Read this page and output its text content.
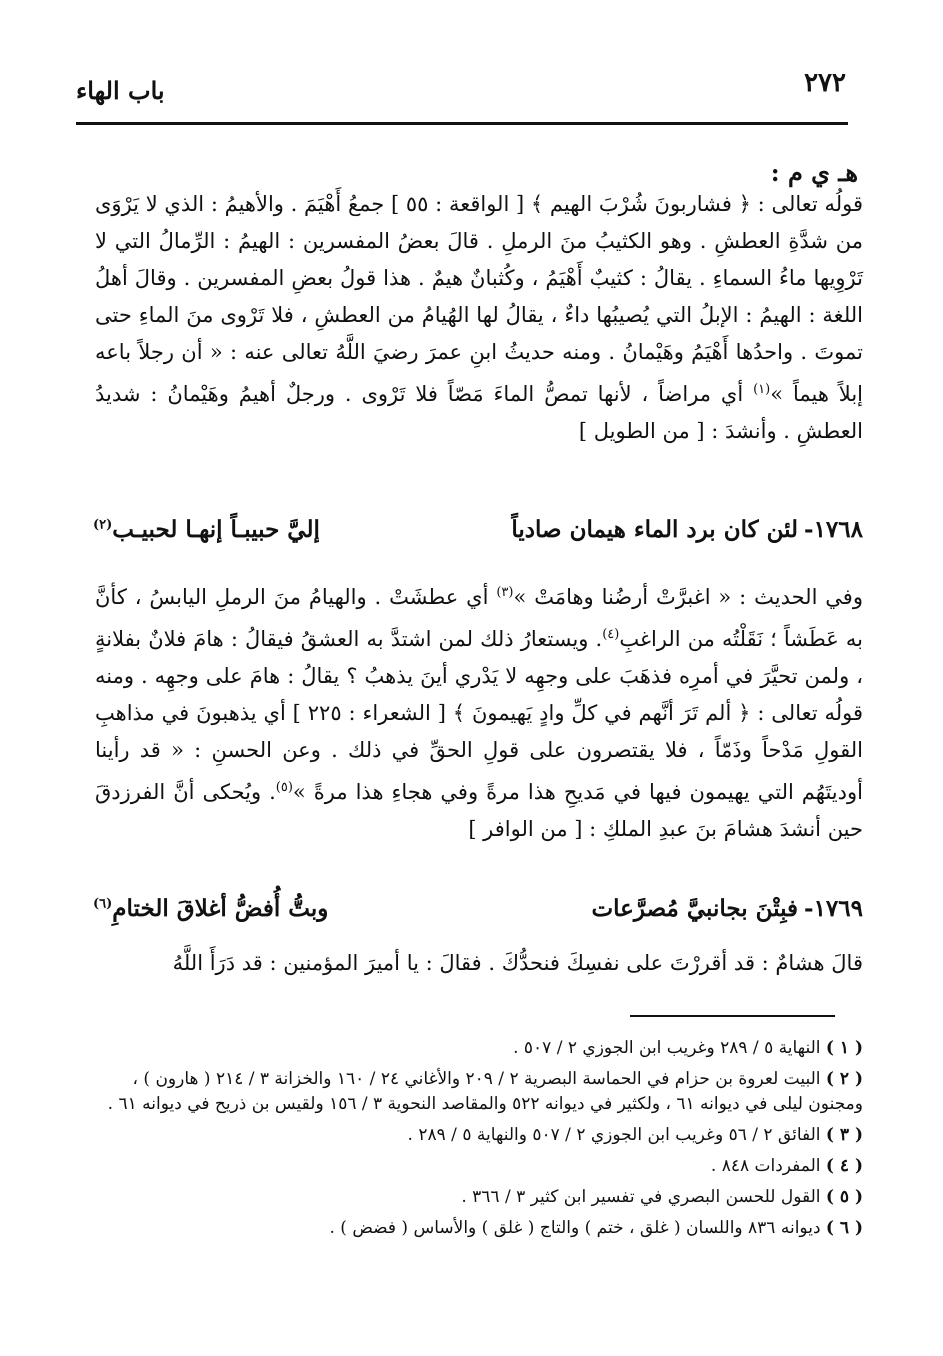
٢٧٢
باب الهاء
هـ ي م :

قولُه تعالى : ﴿ فشاربونَ شُرْبَ الهيم ﴾ [ الواقعة : ٥٥ ] جمعُ أَهْيَمَ . والأهيمُ : الذي لا يَرْوَى من شدَّةِ العطشِ . وهو الكثيبُ منَ الرملِ . قالَ بعضُ المفسرين : الهيمُ : الرِّمالُ التي لا تَرْوِيها ماءُ السماءِ . يقالُ : كثيبٌ أَهْيَمُ ، وكُثبانٌ هيمٌ . هذا قولُ بعضِ المفسرين . وقالَ أهلُ اللغة : الهيمُ : الإبلُ التي يُصيبُها داءٌ ، يقالُ لها الهُيامُ من العطشِ ، فلا تَرْوى منَ الماءِ حتى تموتَ . واحدُها أَهْيَمُ وهَيْمانُ . ومنه حديثُ ابنِ عمرَ رضيَ اللَّهُ تعالى عنه : « أن رجلاً باعه إبلاً هيماً »$^{(١)}$ أي مراضاً ، لأنها تمصُّ الماءَ مَصّاً فلا تَرْوى . ورجلٌ أهيمُ وهَيْمانُ : شديدُ العطشِ . وأنشدَ : [ من الطويل ]

١٧٦٨-لئن كان برد الماء هيمان صادياً
إليَّ حبيبـاً إنهـا لحبيـب$^{(٢)}$

وفي الحديث : « اغبرَّتْ أرضُنا وهامَتْ »$^{(٣)}$ أي عطشَتْ . والهيامُ منَ الرملِ اليابسُ ، كأنَّ به عَطَشاً ؛ نَقَلْتُه من الراغبِ$^{(٤)}$. ويستعارُ ذلك لمن اشتدَّ به العشقُ فيقالُ : هامَ فلانٌ بفلانةٍ ، ولمن تحيَّرَ في أمرِه فذهَبَ على وجهِه لا يَدْري أينَ يذهبُ ؟ يقالُ : هامَ على وجهِه . ومنه قولُه تعالى : ﴿ ألم تَرَ أنَّهم في كلِّ وادٍ يَهيمونَ ﴾ [ الشعراء : ٢٢٥ ] أي يذهبونَ في مذاهبِ القولِ مَدْحاً وذَمّاً ، فلا يقتصرون على قولِ الحقِّ في ذلك . وعن الحسنِ : « قد رأينا أوديتَهُم التي يهيمون فيها في مَديحِ هذا مرةً وفي هجاءِ هذا مرةً »$^{(٥)}$. ويُحكى أنَّ الفرزدقَ حين أنشدَ هشامَ بنَ عبدِ الملكِ : [ من الوافر ]

١٧٦٩-فبِتْنَ بجانبيَّ مُصرَّعات
وبتُّ أُفضُّ أغلاقَ الختامِ$^{(٦)}$

قالَ هشامٌ : قد أقررْتَ على نفسِكَ فنحدُّكَ . فقالَ : يا أميرَ المؤمنين : قد دَرَأَ اللَّهُ

( ١ ) النهاية ٥ / ٢٨٩ وغريب ابن الجوزي ٢ / ٥٠٧ .

( ٢ ) البيت لعروة بن حزام في الحماسة البصرية ٢ / ٢٠٩ والأغاني ٢٤ / ١٦٠ والخزانة ٣ / ٢١٤ ( هارون ) ، ومجنون ليلى في ديوانه ٦١ ، ولكثير في ديوانه ٥٢٢ والمقاصد النحوية ٣ / ١٥٦ ولقيس بن ذريح في ديوانه ٦١ .

( ٣ ) الفائق ٢ / ٥٦ وغريب ابن الجوزي ٢ / ٥٠٧ والنهاية ٥ / ٢٨٩ .

( ٤ ) المفردات ٨٤٨ .

( ٥ ) القول للحسن البصري في تفسير ابن كثير ٣ / ٣٦٦ .

( ٦ ) ديوانه ٨٣٦ واللسان ( غلق ، ختم ) والتاج ( غلق ) والأساس ( فضض ) .
